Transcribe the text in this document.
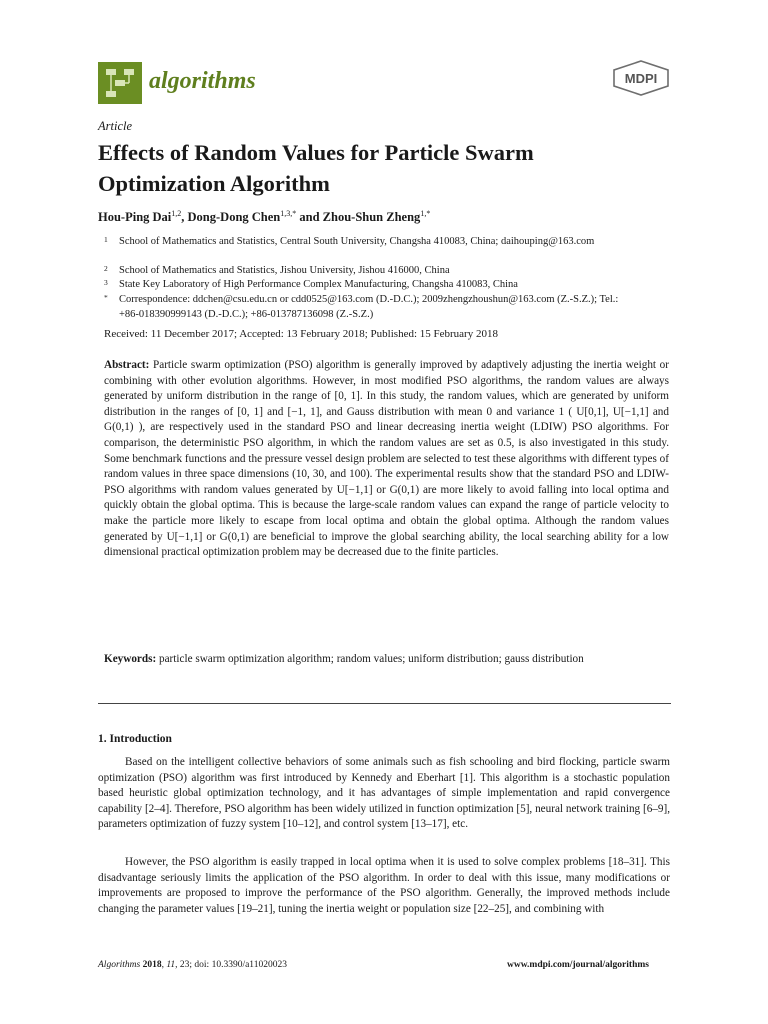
algorithms	MDPI
Article
Effects of Random Values for Particle Swarm Optimization Algorithm
Hou-Ping Dai$^{1,2}$, Dong-Dong Chen$^{1,3,*}$ and Zhou-Shun Zheng$^{1,*}$
1 School of Mathematics and Statistics, Central South University, Changsha 410083, China; daihouping@163.com
2 School of Mathematics and Statistics, Jishou University, Jishou 416000, China
3 State Key Laboratory of High Performance Complex Manufacturing, Changsha 410083, China
* Correspondence: ddchen@csu.edu.cn or cdd0525@163.com (D.-D.C.); 2009zhengzhoushun@163.com (Z.-S.Z.); Tel.: +86-018390999143 (D.-D.C.); +86-013787136098 (Z.-S.Z.)
Received: 11 December 2017; Accepted: 13 February 2018; Published: 15 February 2018
Abstract: Particle swarm optimization (PSO) algorithm is generally improved by adaptively adjusting the inertia weight or combining with other evolution algorithms. However, in most modified PSO algorithms, the random values are always generated by uniform distribution in the range of [0, 1]. In this study, the random values, which are generated by uniform distribution in the ranges of [0, 1] and [−1, 1], and Gauss distribution with mean 0 and variance 1 ( U[0,1], U[−1,1] and G(0,1) ), are respectively used in the standard PSO and linear decreasing inertia weight (LDIW) PSO algorithms. For comparison, the deterministic PSO algorithm, in which the random values are set as 0.5, is also investigated in this study. Some benchmark functions and the pressure vessel design problem are selected to test these algorithms with different types of random values in three space dimensions (10, 30, and 100). The experimental results show that the standard PSO and LDIW-PSO algorithms with random values generated by U[−1,1] or G(0,1) are more likely to avoid falling into local optima and quickly obtain the global optima. This is because the large-scale random values can expand the range of particle velocity to make the particle more likely to escape from local optima and obtain the global optima. Although the random values generated by U[−1,1] or G(0,1) are beneficial to improve the global searching ability, the local searching ability for a low dimensional practical optimization problem may be decreased due to the finite particles.
Keywords: particle swarm optimization algorithm; random values; uniform distribution; gauss distribution
1. Introduction
Based on the intelligent collective behaviors of some animals such as fish schooling and bird flocking, particle swarm optimization (PSO) algorithm was first introduced by Kennedy and Eberhart [1]. This algorithm is a stochastic population based heuristic global optimization technology, and it has advantages of simple implementation and rapid convergence capability [2–4]. Therefore, PSO algorithm has been widely utilized in function optimization [5], neural network training [6–9], parameters optimization of fuzzy system [10–12], and control system [13–17], etc.
However, the PSO algorithm is easily trapped in local optima when it is used to solve complex problems [18–31]. This disadvantage seriously limits the application of the PSO algorithm. In order to deal with this issue, many modifications or improvements are proposed to improve the performance of the PSO algorithm. Generally, the improved methods include changing the parameter values [19–21], tuning the inertia weight or population size [22–25], and combining with
Algorithms 2018, 11, 23; doi: 10.3390/a11020023	www.mdpi.com/journal/algorithms
